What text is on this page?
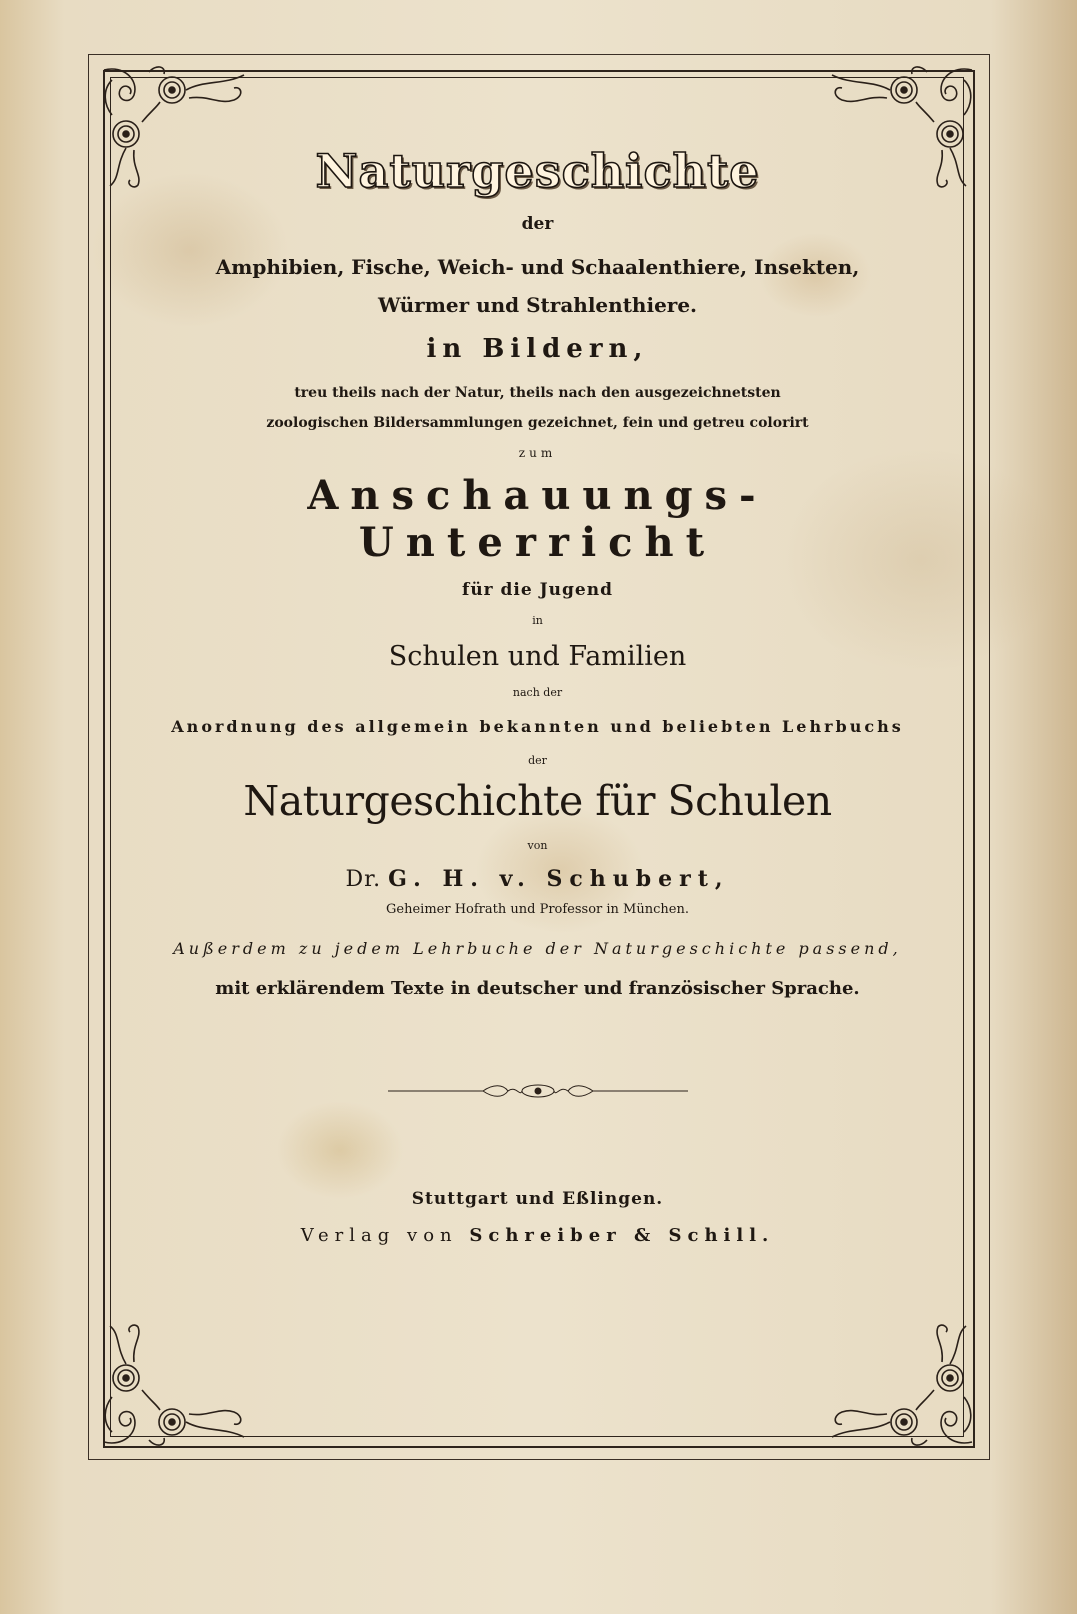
Naturgeschichte
der
Amphibien, Fische, Weich- und Schaalenthiere, Insekten, Würmer und Strahlenthiere.
in Bildern,
treu theils nach der Natur, theils nach den ausgezeichnetsten zoologischen Bildersammlungen gezeichnet, fein und getreu colorirt
zum
Anschauungs-Unterricht
für die Jugend
in
Schulen und Familien
nach der
Anordnung des allgemein bekannten und beliebten Lehrbuchs
der
Naturgeschichte für Schulen
von
Dr. G. H. v. Schubert,
Geheimer Hofrath und Professor in München.
Außerdem zu jedem Lehrbuche der Naturgeschichte passend,
mit erklärendem Texte in deutscher und französischer Sprache.
Stuttgart und Eßlingen.
Verlag von Schreiber & Schill.
